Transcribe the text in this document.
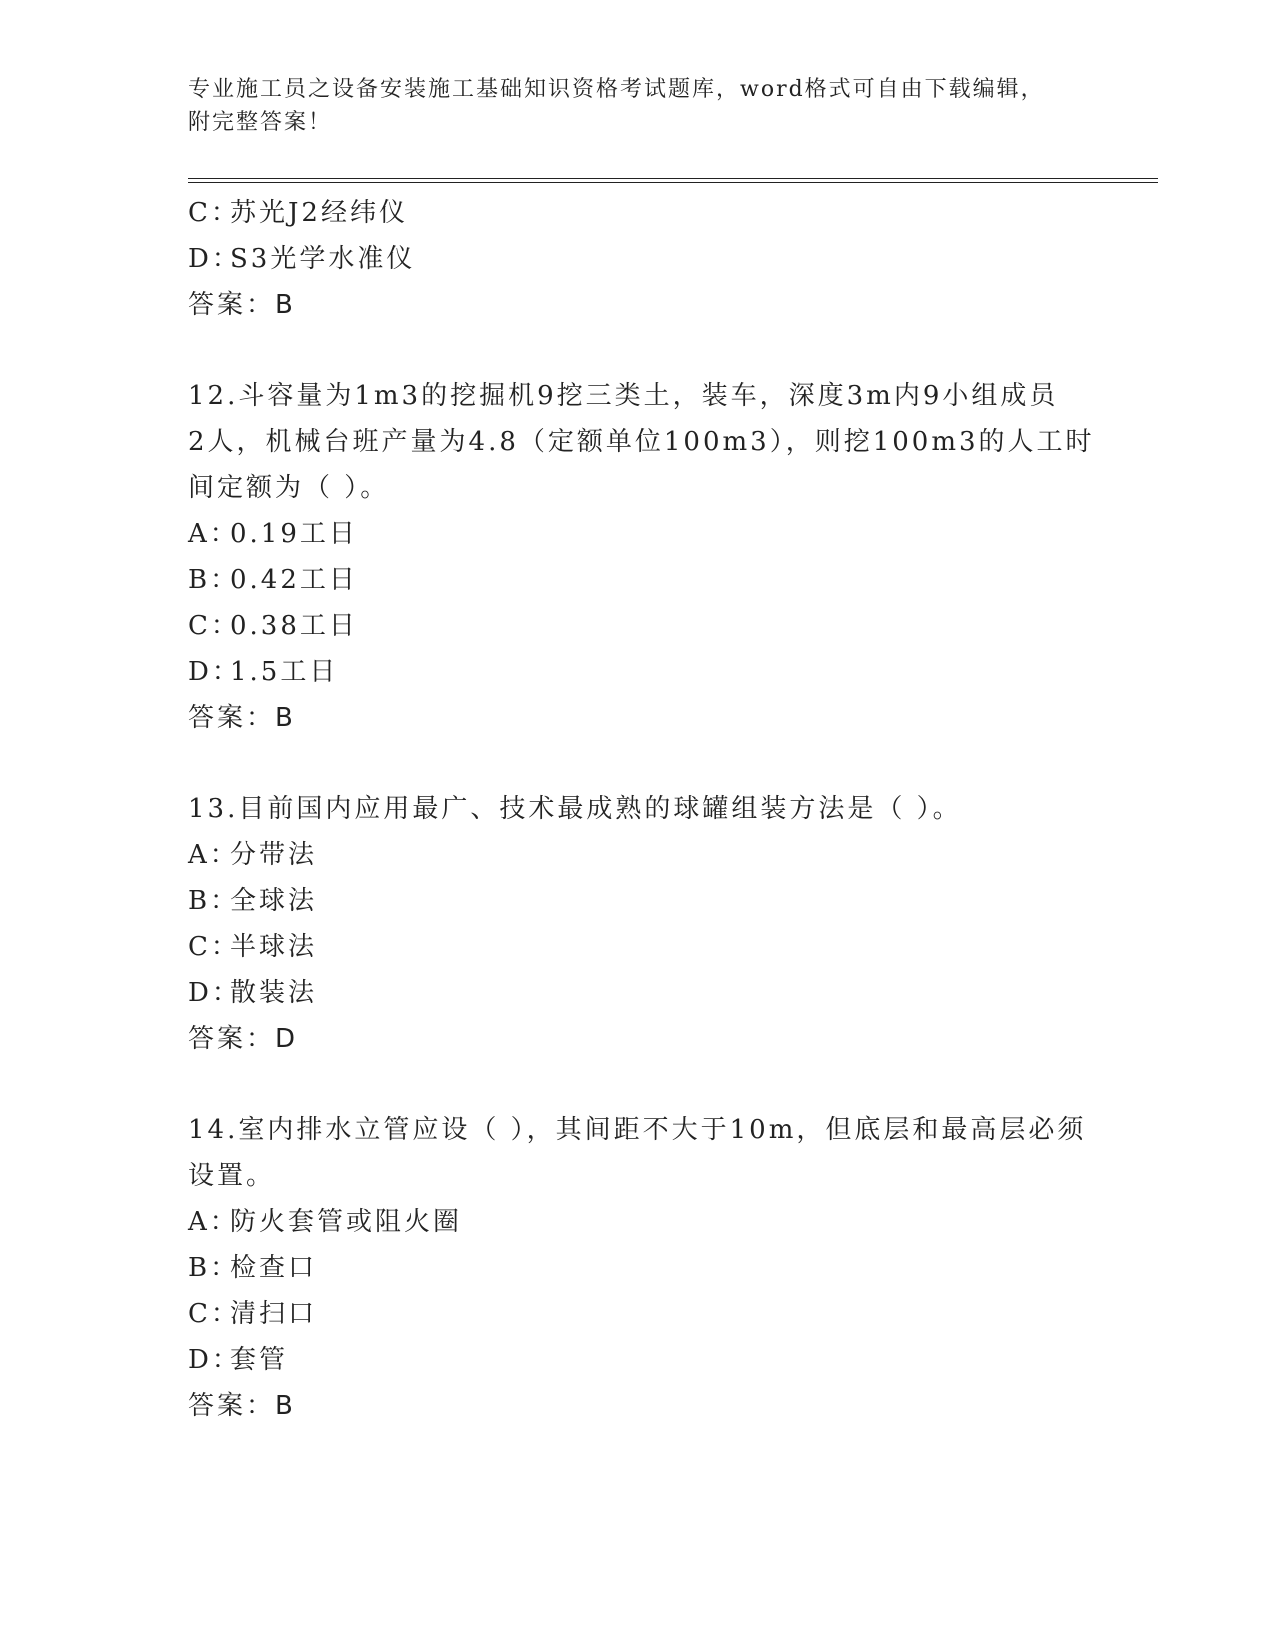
专业施工员之设备安装施工基础知识资格考试题库，word格式可自由下载编辑，
附完整答案！
C：苏光J2经纬仪
D：S3光学水准仪
答案：B
12.斗容量为1m3的挖掘机9挖三类土，装车，深度3m内9小组成员
2人，机械台班产量为4.8（定额单位100m3），则挖100m3的人工时
间定额为（ ）。
A：0.19工日
B：0.42工日
C：0.38工日
D：1.5工日
答案：B
13.目前国内应用最广、技术最成熟的球罐组装方法是（ ）。
A：分带法
B：全球法
C：半球法
D：散装法
答案：D
14.室内排水立管应设（ ），其间距不大于10m，但底层和最高层必须
设置。
A：防火套管或阻火圈
B：检查口
C：清扫口
D：套管
答案：B
